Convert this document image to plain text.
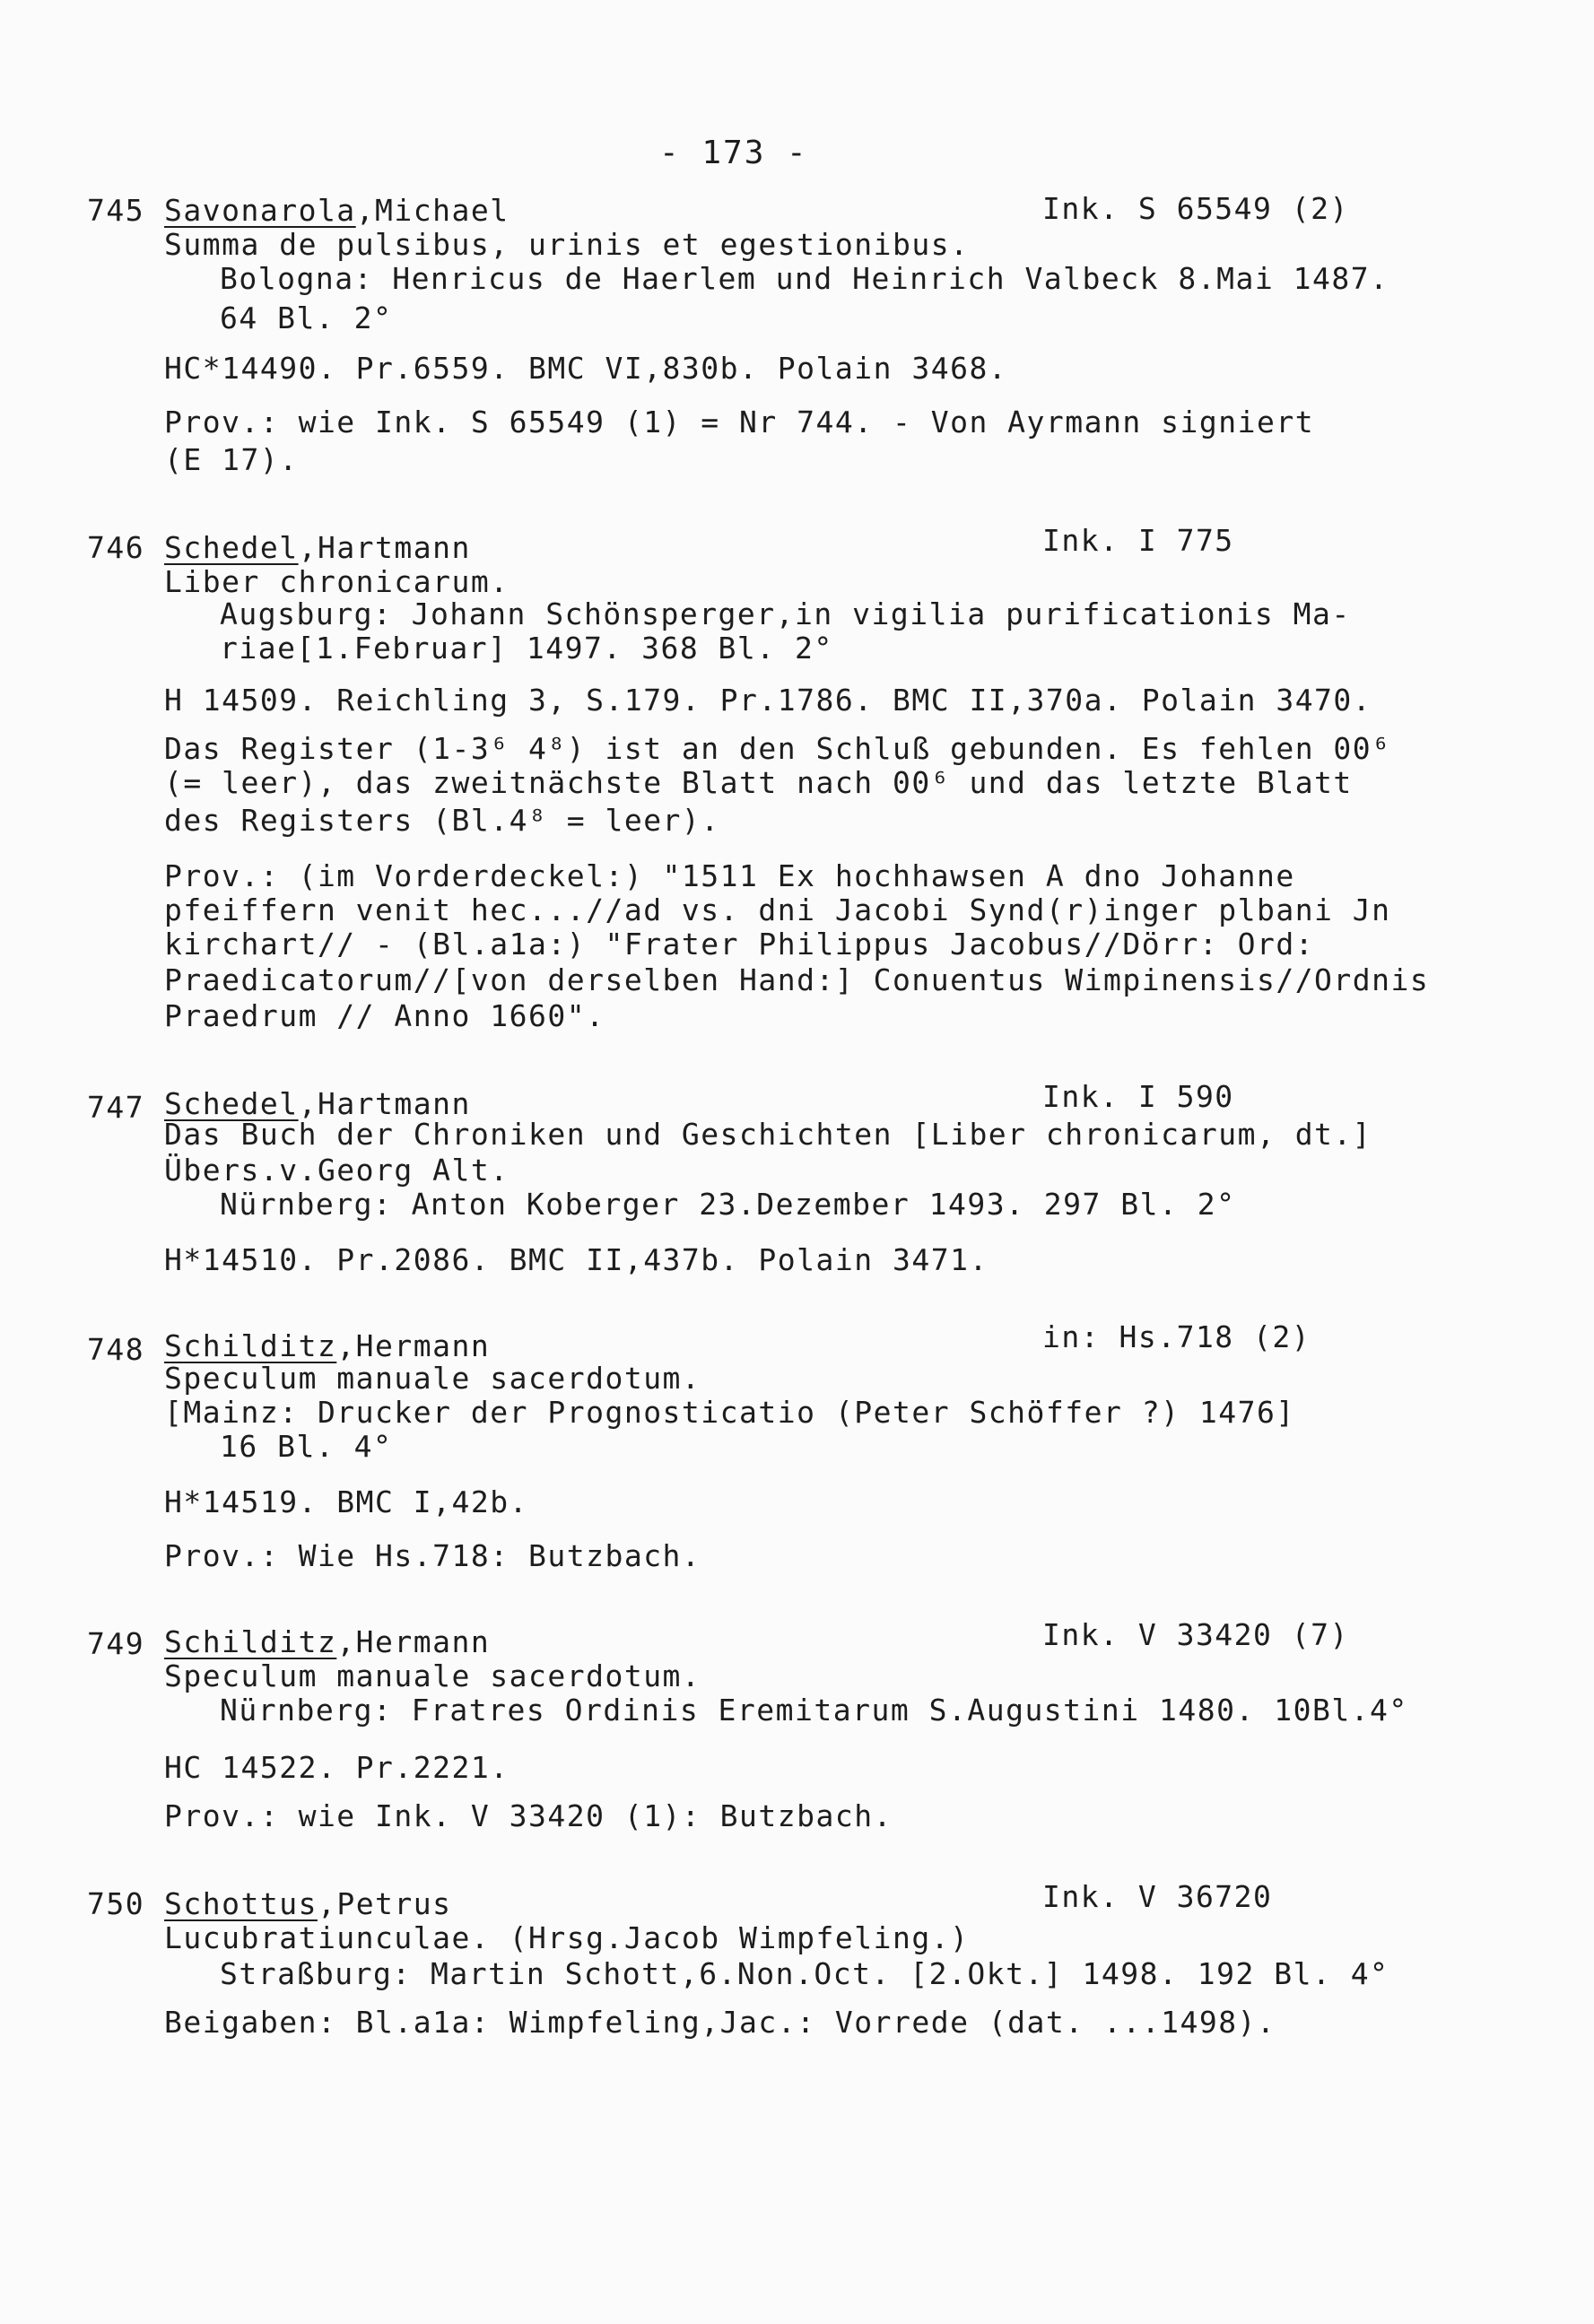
- 173 -
745 Savonarola,Michael	Ink. S 65549 (2)
Summa de pulsibus, urinis et egestionibus.
Bologna: Henricus de Haerlem und Heinrich Valbeck 8.Mai 1487.
64 Bl. 2°
HC*14490. Pr.6559. BMC VI,830b. Polain 3468.
Prov.: wie Ink. S 65549 (1) = Nr 744. - Von Ayrmann signiert
(E 17).
746 Schedel,Hartmann	Ink. I 775
Liber chronicarum.
Augsburg: Johann Schönsperger,in vigilia purificationis Ma-
riae[1.Februar] 1497. 368 Bl. 2°
H 14509. Reichling 3, S.179. Pr.1786. BMC II,370a. Polain 3470.
Das Register (1-3⁶ 4⁸) ist an den Schluß gebunden. Es fehlen 00⁶
(= leer), das zweitnächste Blatt nach 00⁶ und das letzte Blatt
des Registers (Bl.4⁸ = leer).
Prov.: (im Vorderdeckel:) "1511 Ex hochhawsen A dno Johanne
pfeiffern venit hec...//ad vs. dni Jacobi Synd(r)inger plbani Jn
kirchart// - (Bl.a1a:) "Frater Philippus Jacobus//Dörr: Ord:
Praedicatorum//[von derselben Hand:] Conuentus Wimpinensis//Ordnis
Praedrum // Anno 1660".
747 Schedel,Hartmann	Ink. I 590
Das Buch der Chroniken und Geschichten [Liber chronicarum, dt.]
Übers.v.Georg Alt.
Nürnberg: Anton Koberger 23.Dezember 1493. 297 Bl. 2°
H*14510. Pr.2086. BMC II,437b. Polain 3471.
748 Schilditz,Hermann	in: Hs.718 (2)
Speculum manuale sacerdotum.
[Mainz: Drucker der Prognosticatio (Peter Schöffer ?) 1476]
16 Bl. 4°
H*14519. BMC I,42b.
Prov.: Wie Hs.718: Butzbach.
749 Schilditz,Hermann	Ink. V 33420 (7)
Speculum manuale sacerdotum.
Nürnberg: Fratres Ordinis Eremitarum S.Augustini 1480. 10Bl.4°
HC 14522. Pr.2221.
Prov.: wie Ink. V 33420 (1): Butzbach.
750 Schottus,Petrus	Ink. V 36720
Lucubratiunculae. (Hrsg.Jacob Wimpfeling.)
Straßburg: Martin Schott,6.Non.Oct. [2.Okt.] 1498. 192 Bl. 4°
Beigaben: Bl.a1a: Wimpfeling,Jac.: Vorrede (dat. ...1498).
